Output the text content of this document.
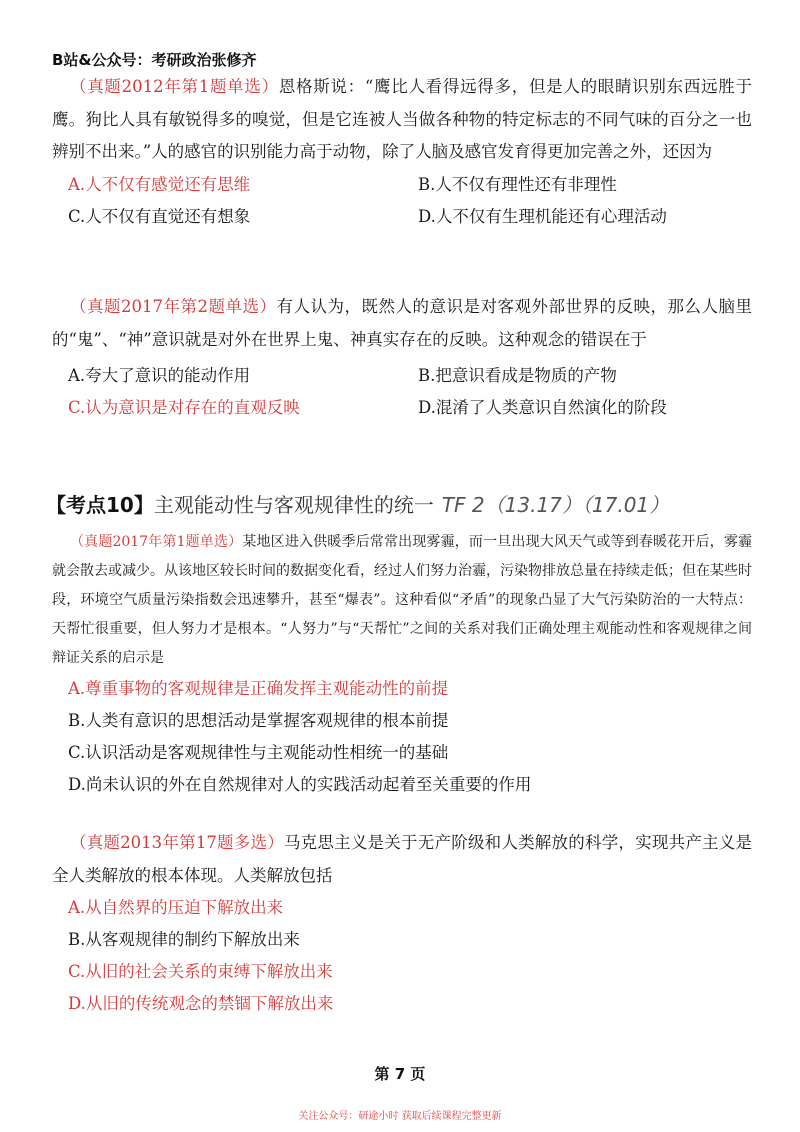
B站&公众号：考研政治张修齐
（真题2012年第1题单选）恩格斯说：“鹰比人看得远得多，但是人的眼睛识别东西远胜于鹰。狗比人具有敏锐得多的嗅觉，但是它连被人当做各种物的特定标志的不同气味的百分之一也辨别不出来。”人的感官的识别能力高于动物，除了人脑及感官发育得更加完善之外，还因为
A.人不仅有感觉还有思维	B.人不仅有理性还有非理性
C.人不仅有直觉还有想象	D.人不仅有生理机能还有心理活动
（真题2017年第2题单选）有人认为，既然人的意识是对客观外部世界的反映，那么人脑里的“鬼”、“神”意识就是对外在世界上鬼、神真实存在的反映。这种观念的错误在于
A.夸大了意识的能动作用	B.把意识看成是物质的产物
C.认为意识是对存在的直观反映	D.混淆了人类意识自然演化的阶段
【考点10】主观能动性与客观规律性的统一 TF 2（13.17）（17.01）
（真题2017年第1题单选）某地区进入供暖季后常常出现雾霾，而一旦出现大风天气或等到春暖花开后，雾霾就会散去或减少。从该地区较长时间的数据变化看，经过人们努力治霾，污染物排放总量在持续走低；但在某些时段，环境空气质量污染指数会迅速攀升，甚至“爆表”。这种看似“矛盾”的现象凸显了大气污染防治的一大特点：天帮忙很重要，但人努力才是根本。“人努力”与“天帮忙”之间的关系对我们正确处理主观能动性和客观规律之间辩证关系的启示是
A.尊重事物的客观规律是正确发挥主观能动性的前提
B.人类有意识的思想活动是掌握客观规律的根本前提
C.认识活动是客观规律性与主观能动性相统一的基础
D.尚未认识的外在自然规律对人的实践活动起着至关重要的作用
（真题2013年第17题多选）马克思主义是关于无产阶级和人类解放的科学，实现共产主义是全人类解放的根本体现。人类解放包括
A.从自然界的压迫下解放出来
B.从客观规律的制约下解放出来
C.从旧的社会关系的束缚下解放出来
D.从旧的传统观念的禁锢下解放出来
第 7 页
关注公众号：研途小时 获取后续课程完整更新
